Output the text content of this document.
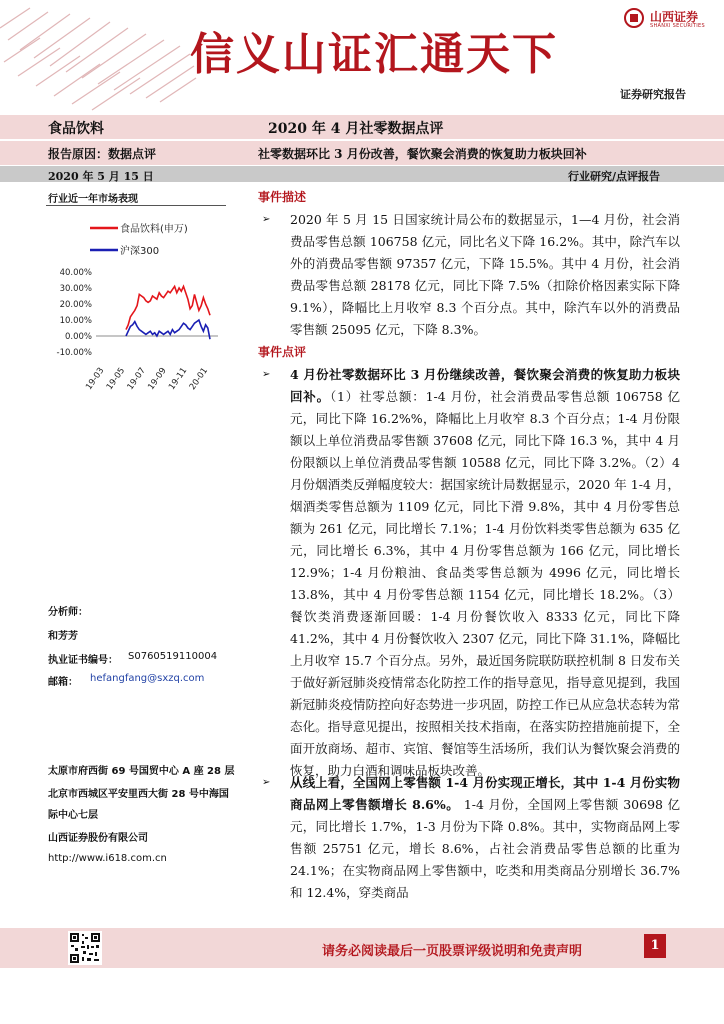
信义山证汇通天下
山西证券
SHANXI SECURITIES
证券研究报告
食品饮料	2020 年 4 月社零数据点评
报告原因：数据点评	社零数据环比 3 月份改善，餐饮聚会消费的恢复助力板块回补
2020 年 5 月 15 日	行业研究/点评报告
行业近一年市场表现
食品饮料(申万)
沪深300
40.00%
30.00%
20.00%
10.00%
0.00%
-10.00%
19-03
19-05
19-07
19-09
19-11
20-01
事件描述
➢ 2020 年 5 月 15 日国家统计局公布的数据显示，1—4 月份，社会消费品零售总额 106758 亿元，同比名义下降 16.2%。其中，除汽车以外的消费品零售额 97357 亿元，下降 15.5%。其中 4 月份，社会消费品零售总额 28178 亿元，同比下降 7.5%（扣除价格因素实际下降 9.1%），降幅比上月收窄 8.3 个百分点。其中，除汽车以外的消费品零售额 25095 亿元，下降 8.3%。
事件点评
➢ 4 月份社零数据环比 3 月份继续改善，餐饮聚会消费的恢复助力板块回补。（1）社零总额：1-4 月份，社会消费品零售总额 106758 亿元，同比下降 16.2%%，降幅比上月收窄 8.3 个百分点；1-4 月份限额以上单位消费品零售额 37608 亿元，同比下降 16.3 %，其中 4 月份限额以上单位消费品零售额 10588 亿元，同比下降 3.2%。（2）4 月份烟酒类反弹幅度较大：据国家统计局数据显示，2020 年 1-4 月，烟酒类零售总额为 1109 亿元，同比下滑 9.8%，其中 4 月份零售总额为 261 亿元，同比增长 7.1%；1-4 月份饮料类零售总额为 635 亿元，同比增长 6.3%，其中 4 月份零售总额为 166 亿元，同比增长 12.9%；1-4 月份粮油、食品类零售总额为 4996 亿元，同比增长 13.8%，其中 4 月份零售总额 1154 亿元，同比增长 18.2%。（3）餐饮类消费逐渐回暖：1-4 月份餐饮收入 8333 亿元，同比下降 41.2%，其中 4 月份餐饮收入 2307 亿元，同比下降 31.1%，降幅比上月收窄 15.7 个百分点。另外，最近国务院联防联控机制 8 日发布关于做好新冠肺炎疫情常态化防控工作的指导意见，指导意见提到，我国新冠肺炎疫情防控向好态势进一步巩固，防控工作已从应急状态转为常态化。指导意见提出，按照相关技术指南，在落实防控措施前提下，全面开放商场、超市、宾馆、餐馆等生活场所，我们认为餐饮聚会消费的恢复，助力白酒和调味品板块改善。
➢ 从线上看，全国网上零售额 1-4 月份实现正增长，其中 1-4 月份实物商品网上零售额增长 8.6%。 1-4 月份，全国网上零售额 30698 亿元，同比增长 1.7%，1-3 月份为下降 0.8%。其中，实物商品网上零售额 25751 亿元，增长 8.6%，占社会消费品零售总额的比重为 24.1%；在实物商品网上零售额中，吃类和用类商品分别增长 36.7%和 12.4%，穿类商品
分析师：
和芳芳
执业证书编号： S0760519110004
邮箱： hefangfang@sxzq.com
太原市府西街 69 号国贸中心 A 座 28 层
北京市西城区平安里西大街 28 号中海国
际中心七层
山西证券股份有限公司
http://www.i618.com.cn
请务必阅读最后一页股票评级说明和免责声明	1
